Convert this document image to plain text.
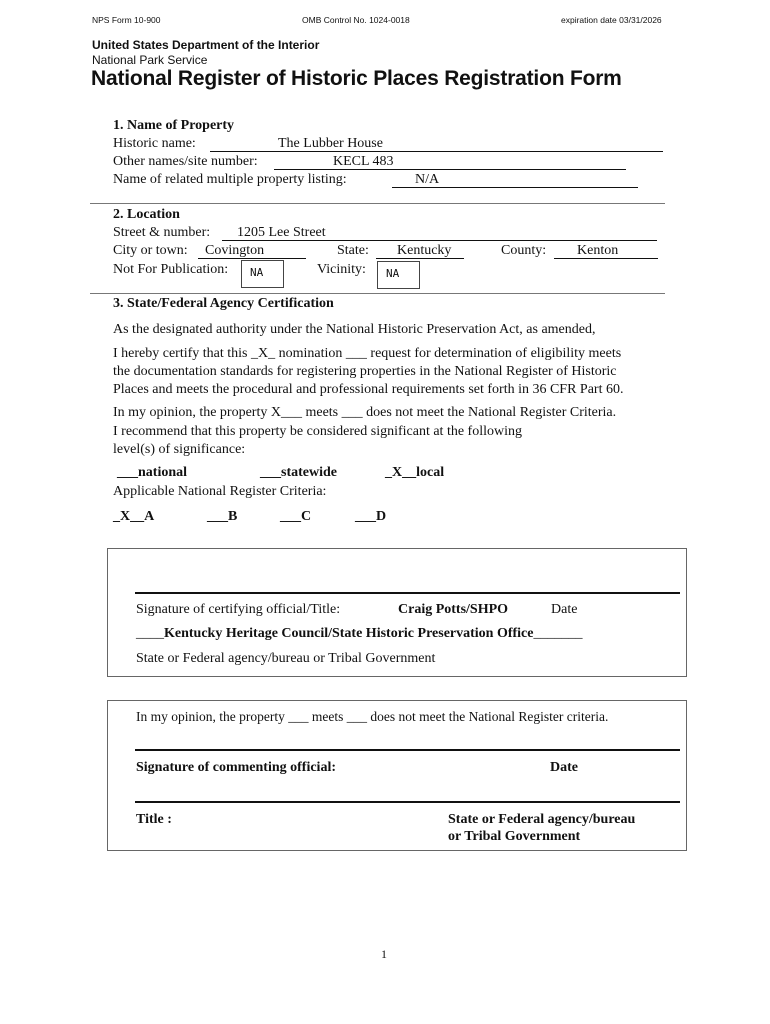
NPS Form 10-900	OMB Control No. 1024-0018	expiration date 03/31/2026
United States Department of the Interior
National Park Service
National Register of Historic Places Registration Form
1. Name of Property
Historic name:	The Lubber House
Other names/site number:	KECL 483
Name of related multiple property listing:	N/A
2. Location
Street & number: 1205 Lee Street
City or town: Covington	State: Kentucky	County: Kenton
Not For Publication:	NA	Vicinity:	NA
3. State/Federal Agency Certification
As the designated authority under the National Historic Preservation Act, as amended,
I hereby certify that this _X_ nomination ___ request for determination of eligibility meets
the documentation standards for registering properties in the National Register of Historic
Places and meets the procedural and professional requirements set forth in 36 CFR Part 60.
In my opinion, the property X___ meets ___ does not meet the National Register Criteria.
I recommend that this property be considered significant at the following
level(s) of significance:
___national	___statewide	_X__local
Applicable National Register Criteria:
_X__A	___B	___C	___D
Signature of certifying official/Title:	Craig Potts/SHPO	Date
____Kentucky Heritage Council/State Historic Preservation Office_______
State or Federal agency/bureau or Tribal Government
In my opinion, the property ___ meets ___ does not meet the National Register criteria.
Signature of commenting official:	Date
Title :	State or Federal agency/bureau
or Tribal Government
1
